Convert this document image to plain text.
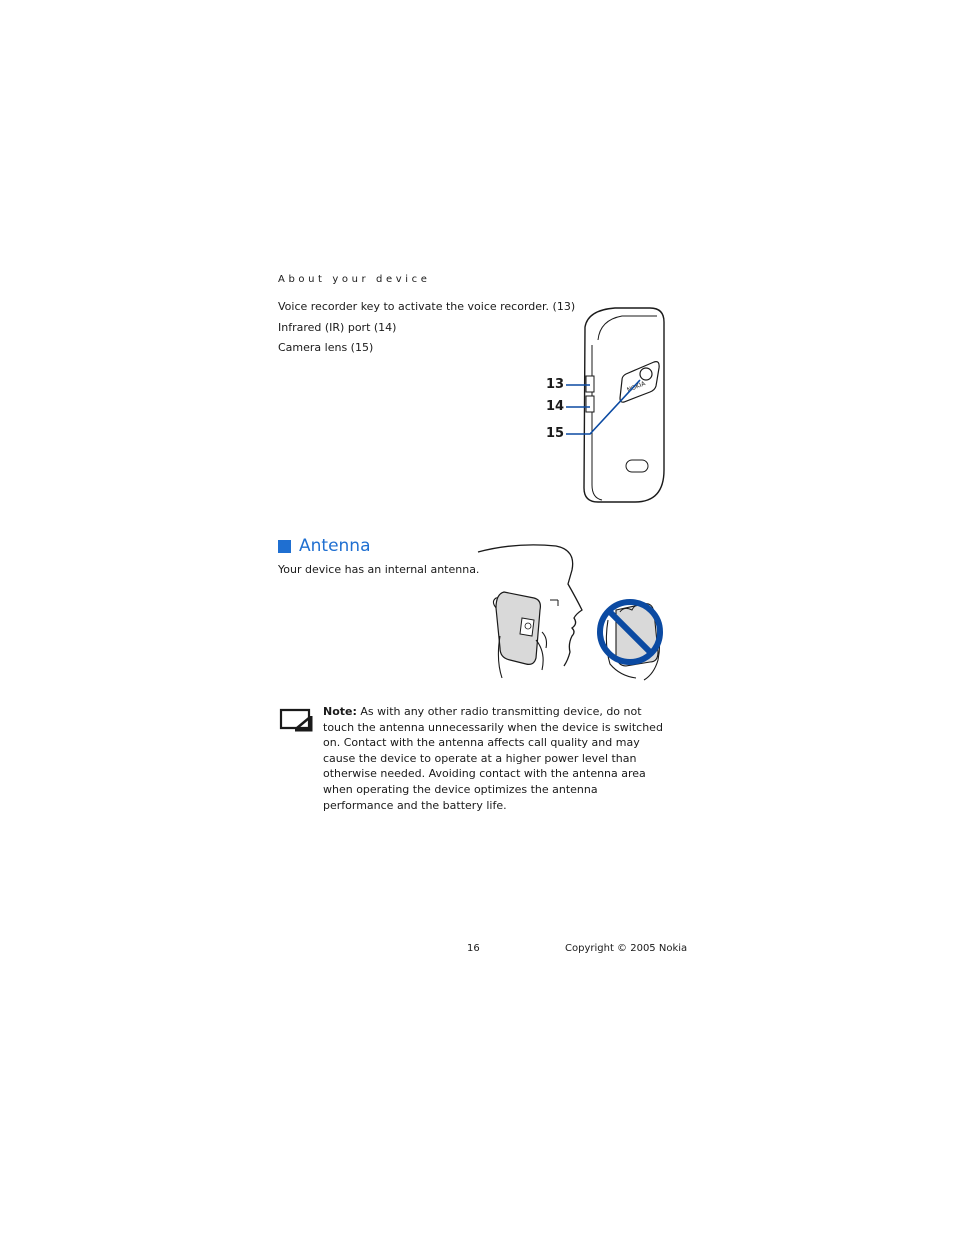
About your device
Voice recorder key to activate the voice recorder. (13)
Infrared (IR) port (14)
Camera lens (15)
NOKIA
13
14
15
Antenna
Your device has an internal antenna.
Note: As with any other radio transmitting device, do not touch the antenna unnecessarily when the device is switched on. Contact with the antenna affects call quality and may cause the device to operate at a higher power level than otherwise needed. Avoiding contact with the antenna area when operating the device optimizes the antenna performance and the battery life.
16	Copyright © 2005 Nokia
